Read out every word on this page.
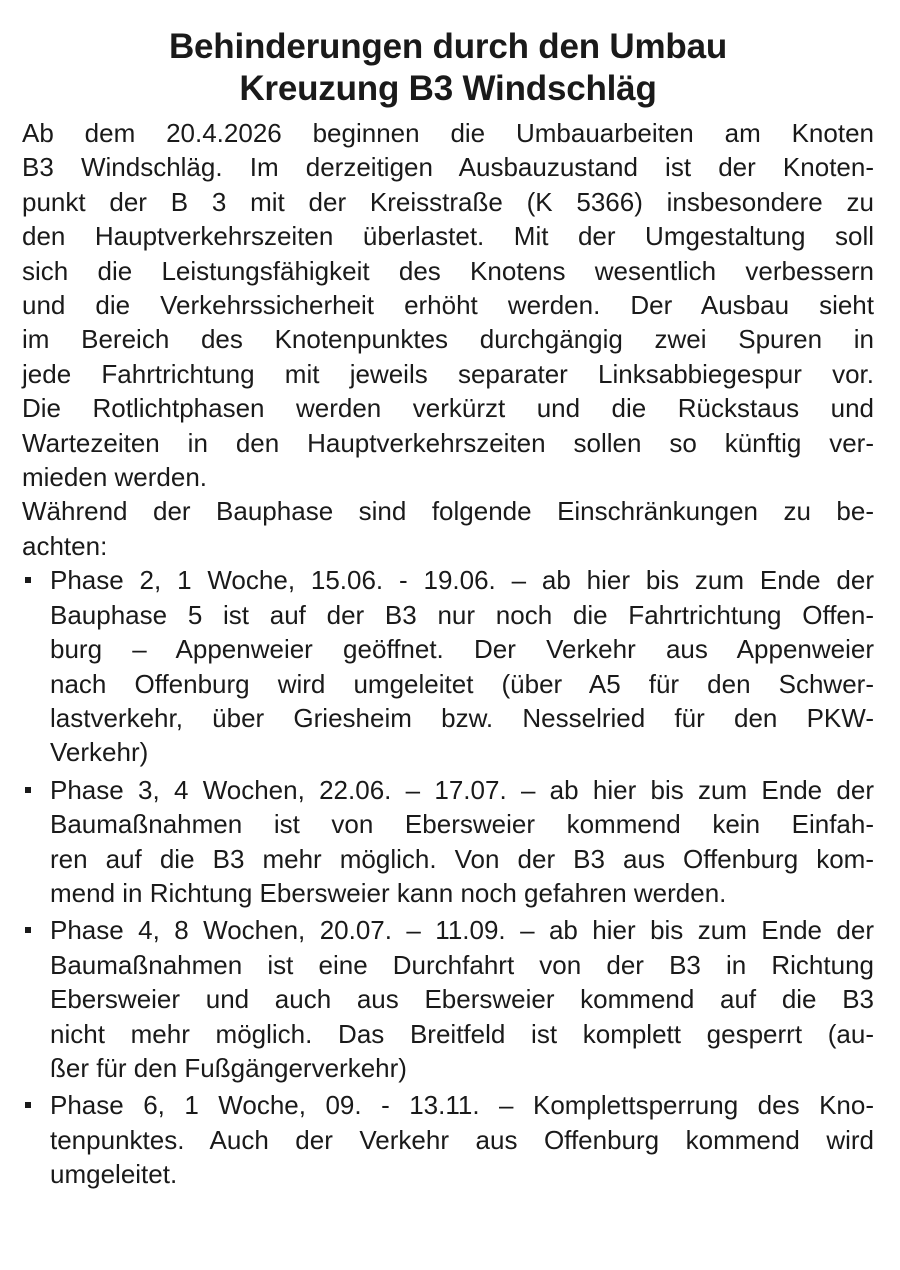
Behinderungen durch den Umbau
Kreuzung B3 Windschläg
Ab dem 20.4.2026 beginnen die Umbauarbeiten am Knoten
B3 Windschläg. Im derzeitigen Ausbauzustand ist der Knoten-
punkt der B 3 mit der Kreisstraße (K 5366) insbesondere zu
den Hauptverkehrszeiten überlastet. Mit der Umgestaltung soll
sich die Leistungsfähigkeit des Knotens wesentlich verbessern
und die Verkehrssicherheit erhöht werden. Der Ausbau sieht
im Bereich des Knotenpunktes durchgängig zwei Spuren in
jede Fahrtrichtung mit jeweils separater Linksabbiegespur vor.
Die Rotlichtphasen werden verkürzt und die Rückstaus und
Wartezeiten in den Hauptverkehrszeiten sollen so künftig ver-
mieden werden.
Während der Bauphase sind folgende Einschränkungen zu be-
achten:
Phase 2, 1 Woche, 15.06. - 19.06. – ab hier bis zum Ende der
Bauphase 5 ist auf der B3 nur noch die Fahrtrichtung Offen-
burg – Appenweier geöffnet. Der Verkehr aus Appenweier
nach Offenburg wird umgeleitet (über A5 für den Schwer-
lastverkehr, über Griesheim bzw. Nesselried für den PKW-
Verkehr)
Phase 3, 4 Wochen, 22.06. – 17.07. – ab hier bis zum Ende der
Baumaßnahmen ist von Ebersweier kommend kein Einfah-
ren auf die B3 mehr möglich. Von der B3 aus Offenburg kom-
mend in Richtung Ebersweier kann noch gefahren werden.
Phase 4, 8 Wochen, 20.07. – 11.09. – ab hier bis zum Ende der
Baumaßnahmen ist eine Durchfahrt von der B3 in Richtung
Ebersweier und auch aus Ebersweier kommend auf die B3
nicht mehr möglich. Das Breitfeld ist komplett gesperrt (au-
ßer für den Fußgängerverkehr)
Phase 6, 1 Woche, 09. - 13.11. – Komplettsperrung des Kno-
tenpunktes. Auch der Verkehr aus Offenburg kommend wird
umgeleitet.
